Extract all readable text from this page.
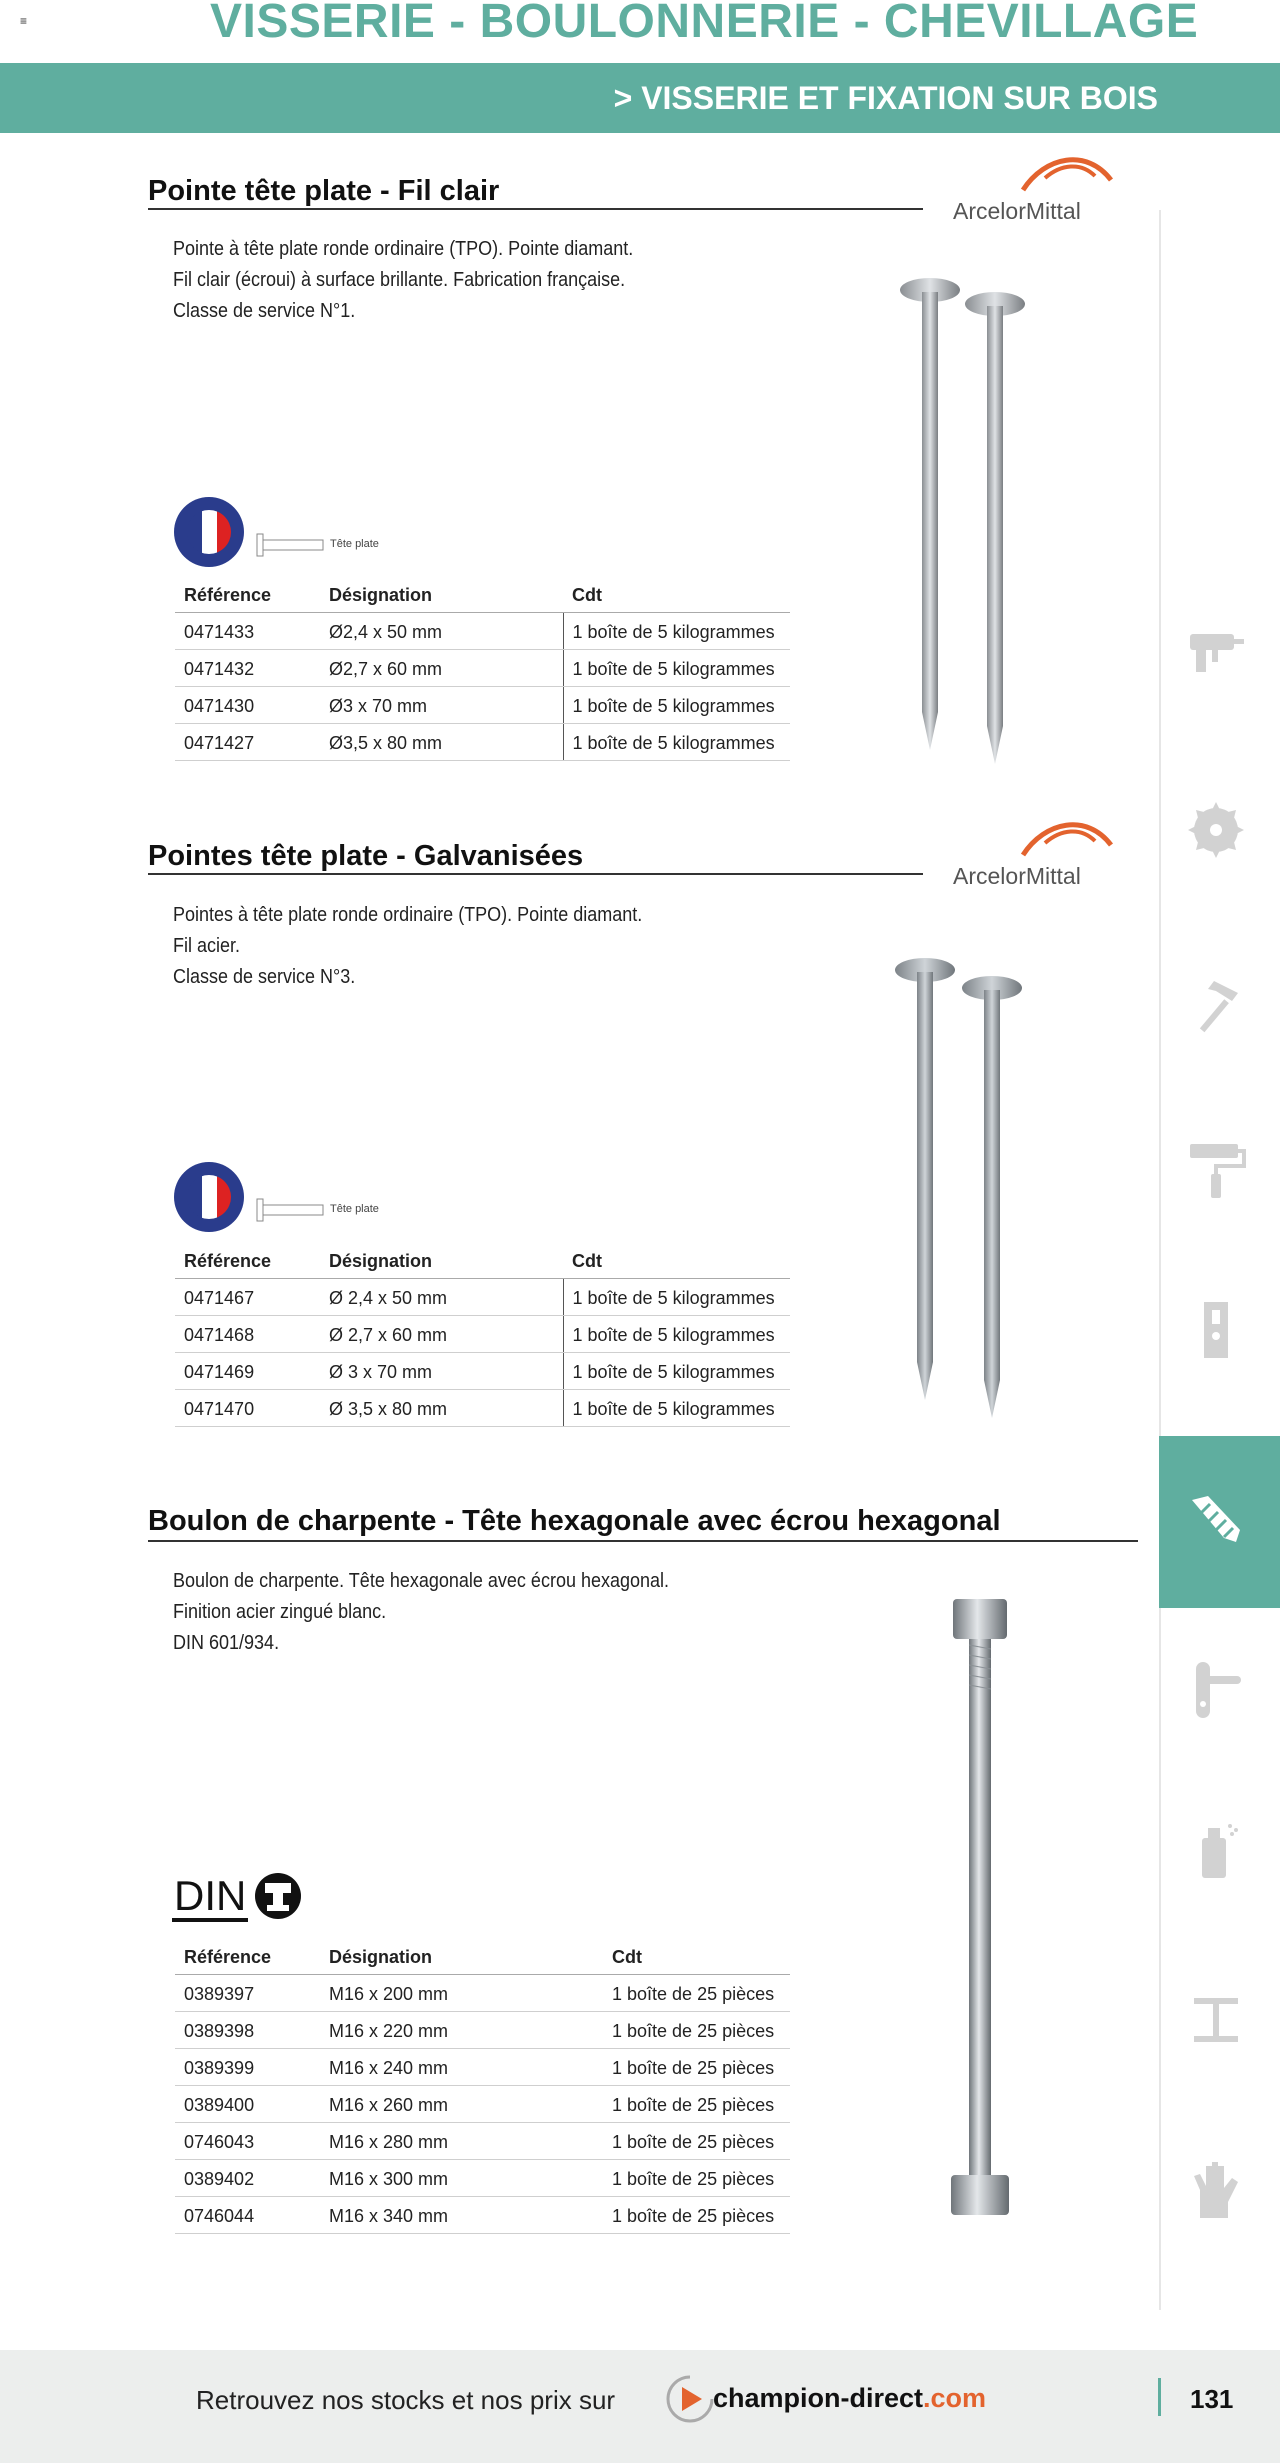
≡	VISSERIE - BOULONNERIE - CHEVILLAGE
> VISSERIE ET FIXATION SUR BOIS
Pointe tête plate - Fil clair
ArcelorMittal
Pointe à tête plate ronde ordinaire (TPO). Pointe diamant.
Fil clair (écroui) à surface brillante. Fabrication française.
Classe de service N°1.
Tête plate
Référence	Désignation	Cdt
0471433	Ø2,4 x 50 mm	1 boîte de 5 kilogrammes
0471432	Ø2,7 x 60 mm	1 boîte de 5 kilogrammes
0471430	Ø3 x 70 mm	1 boîte de 5 kilogrammes
0471427	Ø3,5 x 80 mm	1 boîte de 5 kilogrammes
Pointes tête plate - Galvanisées
ArcelorMittal
Pointes à tête plate ronde ordinaire (TPO). Pointe diamant.
Fil acier.
Classe de service N°3.
Tête plate
Référence	Désignation	Cdt
0471467	Ø 2,4 x 50 mm	1 boîte de 5 kilogrammes
0471468	Ø 2,7 x 60 mm	1 boîte de 5 kilogrammes
0471469	Ø 3 x 70 mm	1 boîte de 5 kilogrammes
0471470	Ø 3,5 x 80 mm	1 boîte de 5 kilogrammes
Boulon de charpente - Tête hexagonale avec écrou hexagonal
Boulon de charpente. Tête hexagonale avec écrou hexagonal.
Finition acier zingué blanc.
DIN 601/934.
DIN
Référence	Désignation	Cdt
0389397	M16 x 200 mm	1 boîte de 25 pièces
0389398	M16 x 220 mm	1 boîte de 25 pièces
0389399	M16 x 240 mm	1 boîte de 25 pièces
0389400	M16 x 260 mm	1 boîte de 25 pièces
0746043	M16 x 280 mm	1 boîte de 25 pièces
0389402	M16 x 300 mm	1 boîte de 25 pièces
0746044	M16 x 340 mm	1 boîte de 25 pièces
Retrouvez nos stocks et nos prix sur	champion-direct.com	131
